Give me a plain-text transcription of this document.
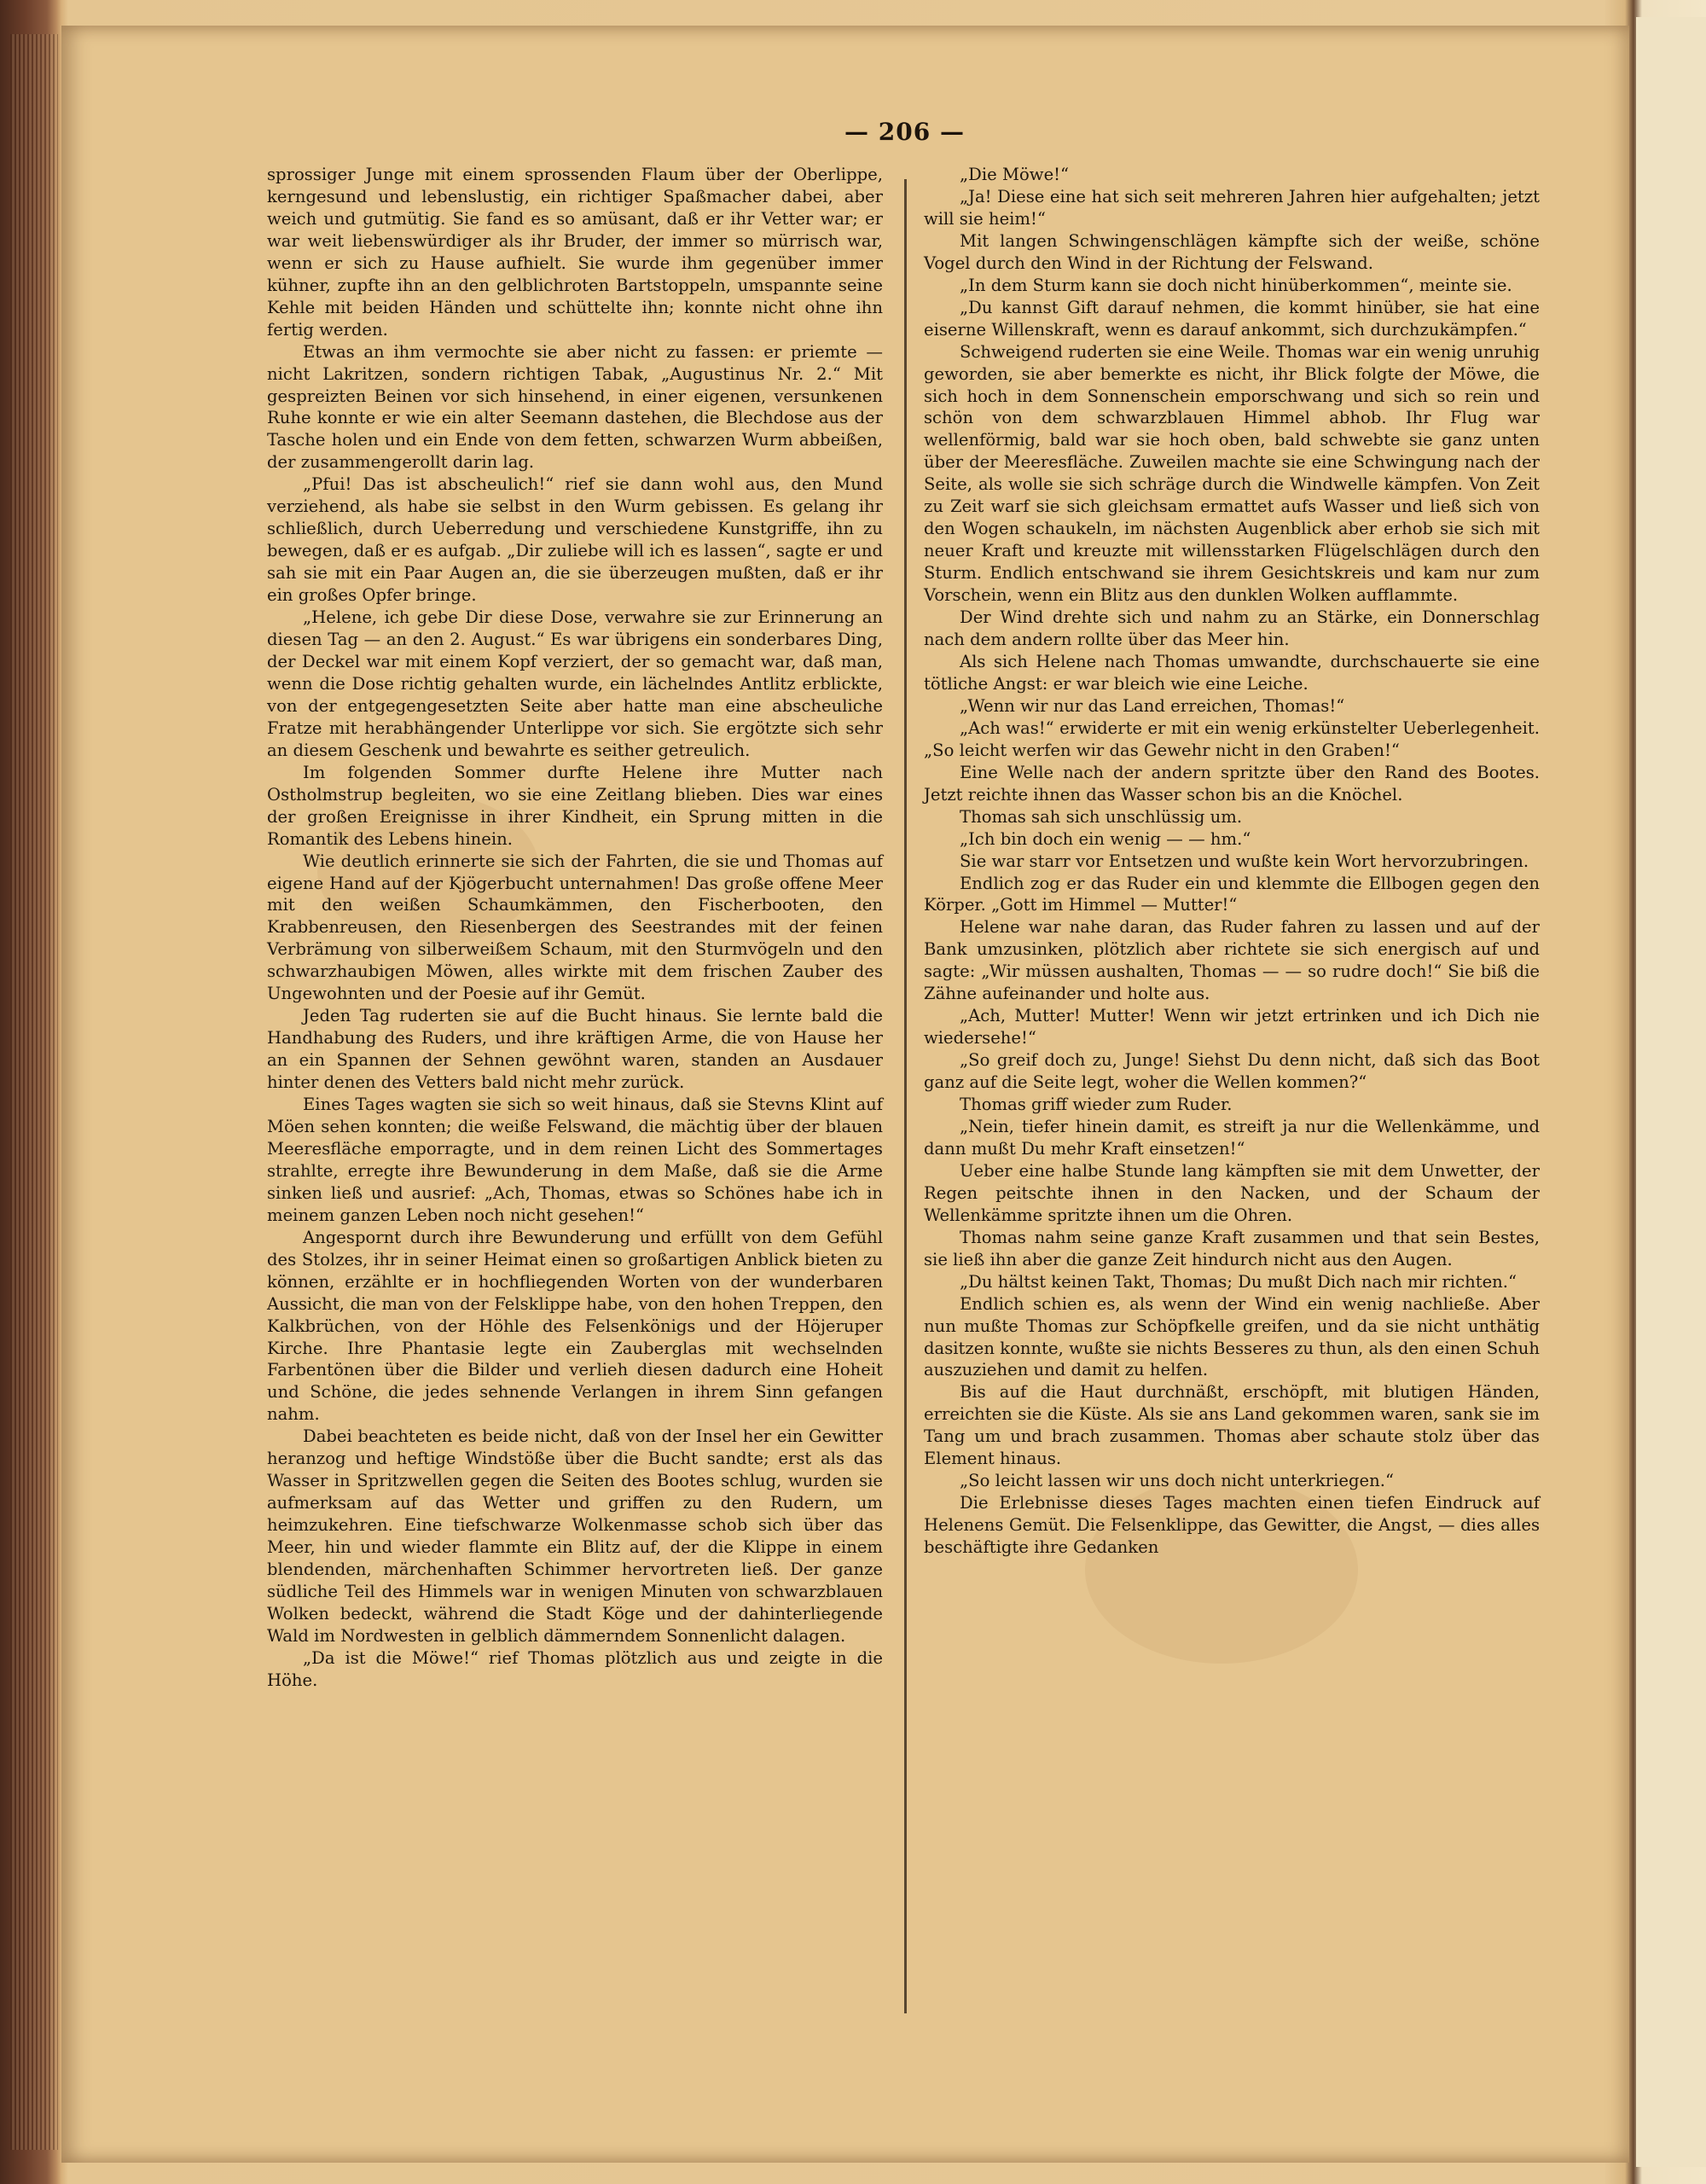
— 206 —

sprossiger Junge mit einem sprossenden Flaum über der Oberlippe, kerngesund und lebenslustig, ein richtiger Spaßmacher dabei, aber weich und gutmütig. Sie fand es so amüsant, daß er ihr Vetter war; er war weit liebenswürdiger als ihr Bruder, der immer so mürrisch war, wenn er sich zu Hause aufhielt. Sie wurde ihm gegenüber immer kühner, zupfte ihn an den gelblichroten Bartstoppeln, umspannte seine Kehle mit beiden Händen und schüttelte ihn; konnte nicht ohne ihn fertig werden.

Etwas an ihm vermochte sie aber nicht zu fassen: er priemte — nicht Lakritzen, sondern richtigen Tabak, „Augustinus Nr. 2.“ Mit gespreizten Beinen vor sich hinsehend, in einer eigenen, versunkenen Ruhe konnte er wie ein alter Seemann dastehen, die Blechdose aus der Tasche holen und ein Ende von dem fetten, schwarzen Wurm abbeißen, der zusammengerollt darin lag.

„Pfui! Das ist abscheulich!“ rief sie dann wohl aus, den Mund verziehend, als habe sie selbst in den Wurm gebissen. Es gelang ihr schließlich, durch Ueberredung und verschiedene Kunstgriffe, ihn zu bewegen, daß er es aufgab. „Dir zuliebe will ich es lassen“, sagte er und sah sie mit ein Paar Augen an, die sie überzeugen mußten, daß er ihr ein großes Opfer bringe.

„Helene, ich gebe Dir diese Dose, verwahre sie zur Erinnerung an diesen Tag — an den 2. August.“ Es war übrigens ein sonderbares Ding, der Deckel war mit einem Kopf verziert, der so gemacht war, daß man, wenn die Dose richtig gehalten wurde, ein lächelndes Antlitz erblickte, von der entgegengesetzten Seite aber hatte man eine abscheuliche Fratze mit herabhängender Unterlippe vor sich. Sie ergötzte sich sehr an diesem Geschenk und bewahrte es seither getreulich.

Im folgenden Sommer durfte Helene ihre Mutter nach Ostholmstrup begleiten, wo sie eine Zeitlang blieben. Dies war eines der großen Ereignisse in ihrer Kindheit, ein Sprung mitten in die Romantik des Lebens hinein.

Wie deutlich erinnerte sie sich der Fahrten, die sie und Thomas auf eigene Hand auf der Kjögerbucht unternahmen! Das große offene Meer mit den weißen Schaumkämmen, den Fischerbooten, den Krabbenreusen, den Riesenbergen des Seestrandes mit der feinen Verbrämung von silberweißem Schaum, mit den Sturmvögeln und den schwarzhaubigen Möwen, alles wirkte mit dem frischen Zauber des Ungewohnten und der Poesie auf ihr Gemüt.

Jeden Tag ruderten sie auf die Bucht hinaus. Sie lernte bald die Handhabung des Ruders, und ihre kräftigen Arme, die von Hause her an ein Spannen der Sehnen gewöhnt waren, standen an Ausdauer hinter denen des Vetters bald nicht mehr zurück.

Eines Tages wagten sie sich so weit hinaus, daß sie Stevns Klint auf Möen sehen konnten; die weiße Felswand, die mächtig über der blauen Meeresfläche emporragte, und in dem reinen Licht des Sommertages strahlte, erregte ihre Bewunderung in dem Maße, daß sie die Arme sinken ließ und ausrief: „Ach, Thomas, etwas so Schönes habe ich in meinem ganzen Leben noch nicht gesehen!“

Angespornt durch ihre Bewunderung und erfüllt von dem Gefühl des Stolzes, ihr in seiner Heimat einen so großartigen Anblick bieten zu können, erzählte er in hochfliegenden Worten von der wunderbaren Aussicht, die man von der Felsklippe habe, von den hohen Treppen, den Kalkbrüchen, von der Höhle des Felsenkönigs und der Höjeruper Kirche. Ihre Phantasie legte ein Zauberglas mit wechselnden Farbentönen über die Bilder und verlieh diesen dadurch eine Hoheit und Schöne, die jedes sehnende Verlangen in ihrem Sinn gefangen nahm.

Dabei beachteten es beide nicht, daß von der Insel her ein Gewitter heranzog und heftige Windstöße über die Bucht sandte; erst als das Wasser in Spritzwellen gegen die Seiten des Bootes schlug, wurden sie aufmerksam auf das Wetter und griffen zu den Rudern, um heimzukehren. Eine tiefschwarze Wolkenmasse schob sich über das Meer, hin und wieder flammte ein Blitz auf, der die Klippe in einem blendenden, märchenhaften Schimmer hervortreten ließ. Der ganze südliche Teil des Himmels war in wenigen Minuten von schwarzblauen Wolken bedeckt, während die Stadt Köge und der dahinterliegende Wald im Nordwesten in gelblich dämmerndem Sonnenlicht dalagen.

„Da ist die Möwe!“ rief Thomas plötzlich aus und zeigte in die Höhe.

„Die Möwe!“

„Ja! Diese eine hat sich seit mehreren Jahren hier aufgehalten; jetzt will sie heim!“

Mit langen Schwingenschlägen kämpfte sich der weiße, schöne Vogel durch den Wind in der Richtung der Felswand.

„In dem Sturm kann sie doch nicht hinüberkommen“, meinte sie.

„Du kannst Gift darauf nehmen, die kommt hinüber, sie hat eine eiserne Willenskraft, wenn es darauf ankommt, sich durchzukämpfen.“

Schweigend ruderten sie eine Weile. Thomas war ein wenig unruhig geworden, sie aber bemerkte es nicht, ihr Blick folgte der Möwe, die sich hoch in dem Sonnenschein emporschwang und sich so rein und schön von dem schwarzblauen Himmel abhob. Ihr Flug war wellenförmig, bald war sie hoch oben, bald schwebte sie ganz unten über der Meeresfläche. Zuweilen machte sie eine Schwingung nach der Seite, als wolle sie sich schräge durch die Windwelle kämpfen. Von Zeit zu Zeit warf sie sich gleichsam ermattet aufs Wasser und ließ sich von den Wogen schaukeln, im nächsten Augenblick aber erhob sie sich mit neuer Kraft und kreuzte mit willensstarken Flügelschlägen durch den Sturm. Endlich entschwand sie ihrem Gesichtskreis und kam nur zum Vorschein, wenn ein Blitz aus den dunklen Wolken aufflammte.

Der Wind drehte sich und nahm zu an Stärke, ein Donnerschlag nach dem andern rollte über das Meer hin.

Als sich Helene nach Thomas umwandte, durchschauerte sie eine tötliche Angst: er war bleich wie eine Leiche.

„Wenn wir nur das Land erreichen, Thomas!“

„Ach was!“ erwiderte er mit ein wenig erkünstelter Ueberlegenheit. „So leicht werfen wir das Gewehr nicht in den Graben!“

Eine Welle nach der andern spritzte über den Rand des Bootes. Jetzt reichte ihnen das Wasser schon bis an die Knöchel.

Thomas sah sich unschlüssig um.

„Ich bin doch ein wenig — — hm.“

Sie war starr vor Entsetzen und wußte kein Wort hervorzubringen.

Endlich zog er das Ruder ein und klemmte die Ellbogen gegen den Körper. „Gott im Himmel — Mutter!“

Helene war nahe daran, das Ruder fahren zu lassen und auf der Bank umzusinken, plötzlich aber richtete sie sich energisch auf und sagte: „Wir müssen aushalten, Thomas — — so rudre doch!“ Sie biß die Zähne aufeinander und holte aus.

„Ach, Mutter! Mutter! Wenn wir jetzt ertrinken und ich Dich nie wiedersehe!“

„So greif doch zu, Junge! Siehst Du denn nicht, daß sich das Boot ganz auf die Seite legt, woher die Wellen kommen?“

Thomas griff wieder zum Ruder.

„Nein, tiefer hinein damit, es streift ja nur die Wellenkämme, und dann mußt Du mehr Kraft einsetzen!“

Ueber eine halbe Stunde lang kämpften sie mit dem Unwetter, der Regen peitschte ihnen in den Nacken, und der Schaum der Wellenkämme spritzte ihnen um die Ohren.

Thomas nahm seine ganze Kraft zusammen und that sein Bestes, sie ließ ihn aber die ganze Zeit hindurch nicht aus den Augen.

„Du hältst keinen Takt, Thomas; Du mußt Dich nach mir richten.“

Endlich schien es, als wenn der Wind ein wenig nachließe. Aber nun mußte Thomas zur Schöpfkelle greifen, und da sie nicht unthätig dasitzen konnte, wußte sie nichts Besseres zu thun, als den einen Schuh auszuziehen und damit zu helfen.

Bis auf die Haut durchnäßt, erschöpft, mit blutigen Händen, erreichten sie die Küste. Als sie ans Land gekommen waren, sank sie im Tang um und brach zusammen. Thomas aber schaute stolz über das Element hinaus.

„So leicht lassen wir uns doch nicht unterkriegen.“

Die Erlebnisse dieses Tages machten einen tiefen Eindruck auf Helenens Gemüt. Die Felsenklippe, das Gewitter, die Angst, — dies alles beschäftigte ihre Gedanken
